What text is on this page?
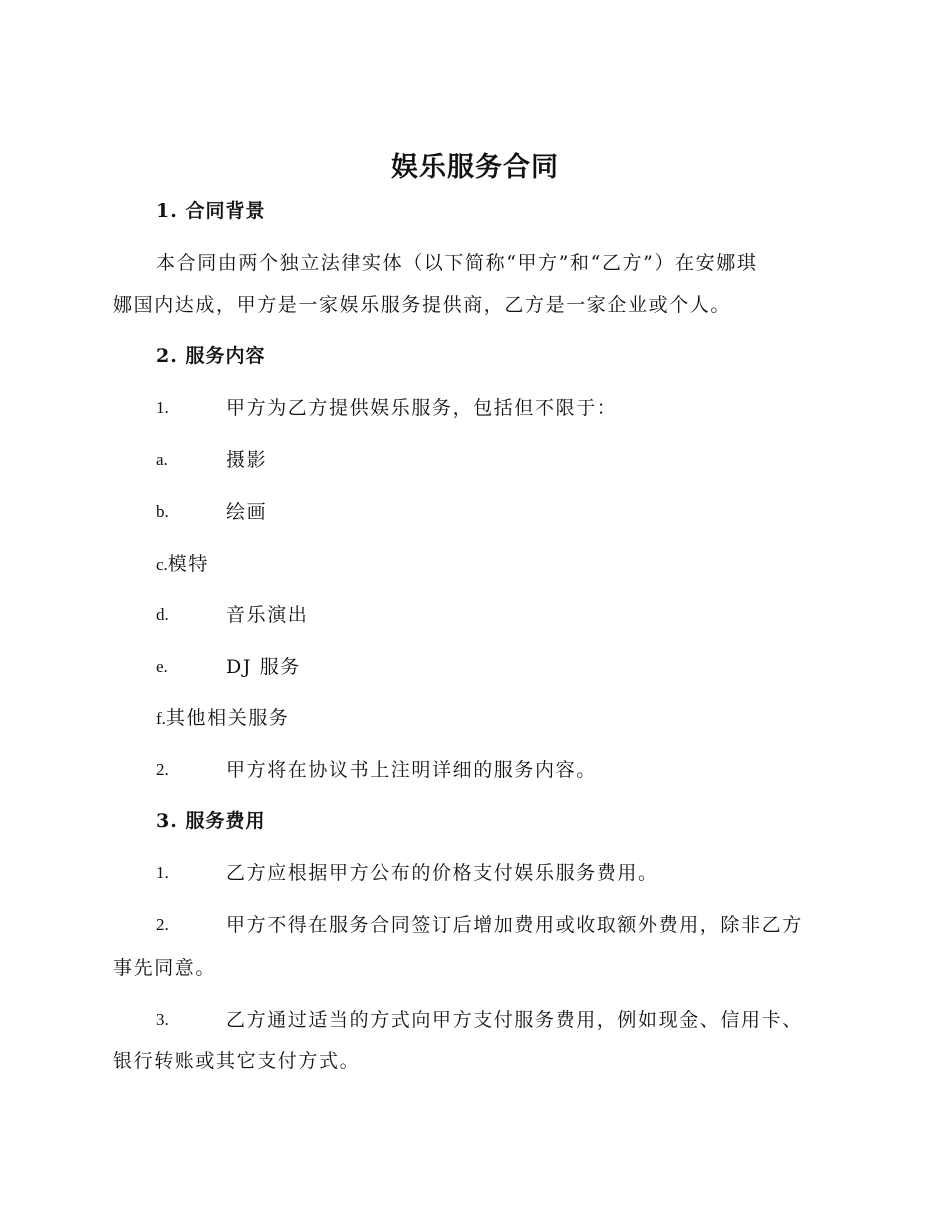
娱乐服务合同
1. 合同背景
本合同由两个独立法律实体（以下简称“甲方”和“乙方”）在安娜琪
娜国内达成，甲方是一家娱乐服务提供商，乙方是一家企业或个人。
2. 服务内容
1.	甲方为乙方提供娱乐服务，包括但不限于：
a.	摄影
b.	绘画
c.模特
d.	音乐演出
e.	DJ 服务
f.其他相关服务
2.	甲方将在协议书上注明详细的服务内容。
3. 服务费用
1.	乙方应根据甲方公布的价格支付娱乐服务费用。
2.	甲方不得在服务合同签订后增加费用或收取额外费用，除非乙方
事先同意。
3.	乙方通过适当的方式向甲方支付服务费用，例如现金、信用卡、
银行转账或其它支付方式。
